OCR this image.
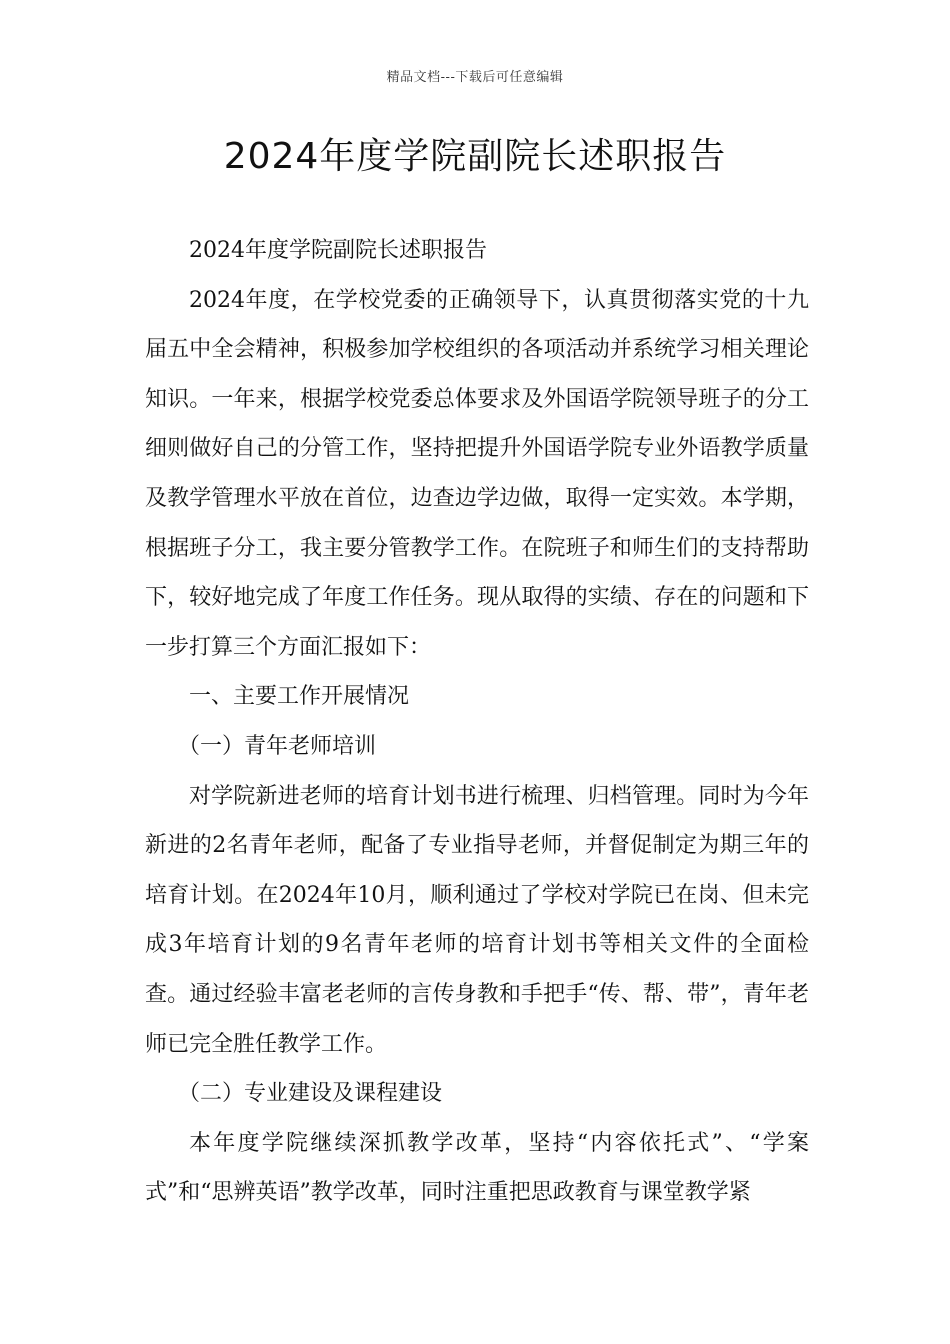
精品文档---下载后可任意编辑
2024年度学院副院长述职报告

2024年度学院副院长述职报告

2024年度，在学校党委的正确领导下，认真贯彻落实党的十九届五中全会精神，积极参加学校组织的各项活动并系统学习相关理论知识。一年来，根据学校党委总体要求及外国语学院领导班子的分工细则做好自己的分管工作，坚持把提升外国语学院专业外语教学质量及教学管理水平放在首位，边查边学边做，取得一定实效。本学期，根据班子分工，我主要分管教学工作。在院班子和师生们的支持帮助下，较好地完成了年度工作任务。现从取得的实绩、存在的问题和下一步打算三个方面汇报如下：

一、主要工作开展情况

（一）青年老师培训

对学院新进老师的培育计划书进行梳理、归档管理。同时为今年新进的2名青年老师，配备了专业指导老师，并督促制定为期三年的培育计划。在2024年10月，顺利通过了学校对学院已在岗、但未完成3年培育计划的9名青年老师的培育计划书等相关文件的全面检查。通过经验丰富老老师的言传身教和手把手“传、帮、带”，青年老师已完全胜任教学工作。

（二）专业建设及课程建设

本年度学院继续深抓教学改革，坚持“内容依托式”、“学案式”和“思辨英语”教学改革，同时注重把思政教育与课堂教学紧
